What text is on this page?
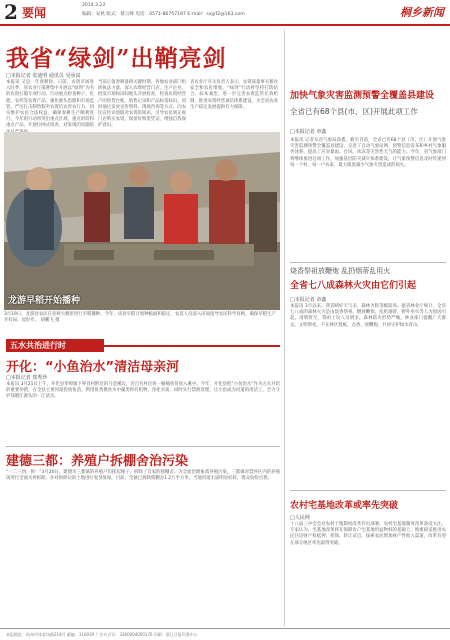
2 要闻
2014.3.22
编辑：安秋 版式：蔡云峰 电话：0571-86757187 E-mail：sxjyf2@163.com	桐乡新闻
我省“绿剑”出鞘亮剑
□本报记者 张迪明 通讯员 吴承富
本报讯 又是一年春耕时。日前，农资市场进入旺季，省农业厅部署集中开展以“绿剑”为名的农资打假专项行动。行动重点检查种子、化肥、农药等农资产品，强化源头治理和市场监管，严厉打击制售假劣农资坑农害农行为，切实维护农民合法权益，确保春耕生产顺利进行。今年的行动将突出重点区域、重点时段和重点产品，开展拉网式排查，对发现的问题依
当前正值春耕备耕关键时期，各地农业部门组织执法力量，深入农资经营门店、生产企业、批发市场和田间地头开展检查，检查农资经营户的进货台账、销售记录和产品标签标识。同时通过发放宣传资料、现场咨询等方式，向农民宣传识别假劣农资的知识，引导农民到正规门店购买农资，保留好购货凭证，增强自我保护意识。
省农业厅有关负责人表示，农资质量事关粮食安全和农民增收，“绿剑”行动将坚持打防结合、标本兼治，进一步完善农资监管长效机制，推进农资经营诚信体系建设，为全省农业生产稳定发展提供有力保障。
龙游早稻开始播种
3月19日，龙游县农民在育秧大棚里进行早稻播种。今年，该县早稻计划种植面积稳定，农技人员深入田间指导农民科学育秧，确保早稻生产开好局、起好步。 胡鹏飞 摄
加快气象灾害监测预警全覆盖县建设
全省已有68个县(市、区)开展此项工作
□本报记者 章鑫
本报讯 记者从省气象局获悉，截至目前，全省已有68个县（市、区）开展气象灾害监测预警全覆盖县建设，完善了自动气象站网、预警信息发布和乡村气象服务体系，提高了应对暴雨、台风、冰冻等灾害性天气的能力。今年，省气象部门将继续推进这项工作，加强基层防灾减灾体系建设，让气象预警信息及时传递到每一个村、每一户农家，最大限度减少气象灾害造成的损失。
烧香祭祖放鞭炮 乱扔烟蒂乱用火
全省七八成森林火灾由它们引起
□本报记者 章鑫
本报讯 3月以来，我省晴好天气多，森林火险等级较高。据省林业厅统计，全省七八成的森林火灾是由烧香祭祖、燃放鞭炮、乱扔烟蒂、野外用火等人为原因引起。清明将至，祭祖上坟人员增多，森林防火形势严峻。林业部门提醒广大群众，文明祭祀，不在林区烧纸、点香、放鞭炮，共同守护绿水青山。
农村宅基地改革或率先突破
□人民网
十八届三中全会对农村土地制度改革作出部署，农村宅基地制度改革备受关注。专家认为，宅基地改革将在保障农户宅基地用益物权的基础上，慎重稳妥推进农民住房财产权抵押、担保、转让试点，探索农民增加财产性收入渠道，改革有望在部分地区率先取得突破。
五水共治进行时
开化：“小鱼治水”清洁母亲河
□本报记者 郑秀珍
本报讯 3月21日上午，开化县华埠镇下界首村附近的马金溪边，近百名村民将一桶桶鱼苗放入溪中。今年，开化县把“小鱼治水”作为五水共治的重要举措，在全县主要河道投放鱼苗，利用鱼类摄食水中藻类和有机物，净化水质，同时实行禁渔管理，让小鱼成为河道的清洁工，全力守护钱塘江源头的一江清水。
建德三都：养殖户拆棚舍治污染
“一二三四，拆！”3月20日，建德市三都镇的养殖户们挥起锤子，拆除了自家的猪棚舍。为全面治理畜禽养殖污染，三都镇对禁养区内的养殖场进行全面关停拆除，并对拆除后的土地进行复垦复绿。目前，全镇已拆除猪棚舍1.2万平方米，当地河道水质明显好转，群众纷纷点赞。
本报地址：杭州市体育场路218号 邮编：310039 广告许可证：3300004000176 印刷：浙江日报印务中心
